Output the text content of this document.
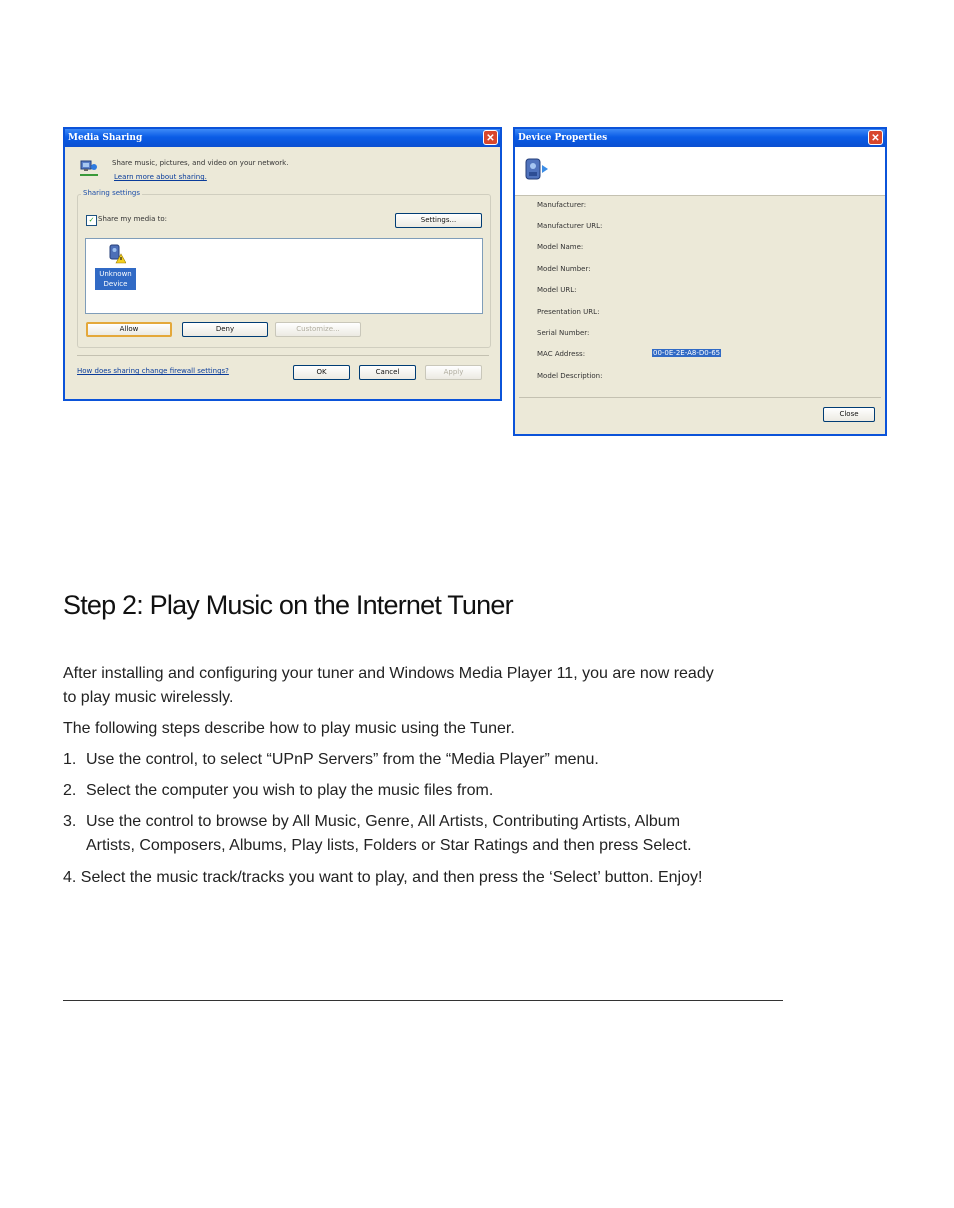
Media Sharing	✕
Share music, pictures, and video on your network.
Learn more about sharing.
Sharing settings
✓ Share my media to:	Settings...
Unknown Device
Allow	Deny	Customize...
How does sharing change firewall settings?	OK	Cancel	Apply
Device Properties	✕
Manufacturer:
Manufacturer URL:
Model Name:
Model Number:
Model URL:
Presentation URL:
Serial Number:
MAC Address:	00-0E-2E-A8-D0-65
Model Description:
Close
Step 2: Play Music on the Internet Tuner

After installing and configuring your tuner and Windows Media Player 11, you are now ready

to play music wirelessly.

The following steps describe how to play music using the Tuner.

1. Use the control, to select “UPnP Servers” from the “Media Player” menu.
2. Select the computer you wish to play the music files from.
3. Use the control to browse by All Music, Genre, All Artists, Contributing Artists, Album
Artists, Composers, Albums, Play lists, Folders or Star Ratings and then press Select.

4. Select the music track/tracks you want to play, and then press the ‘Select’ button. Enjoy!
